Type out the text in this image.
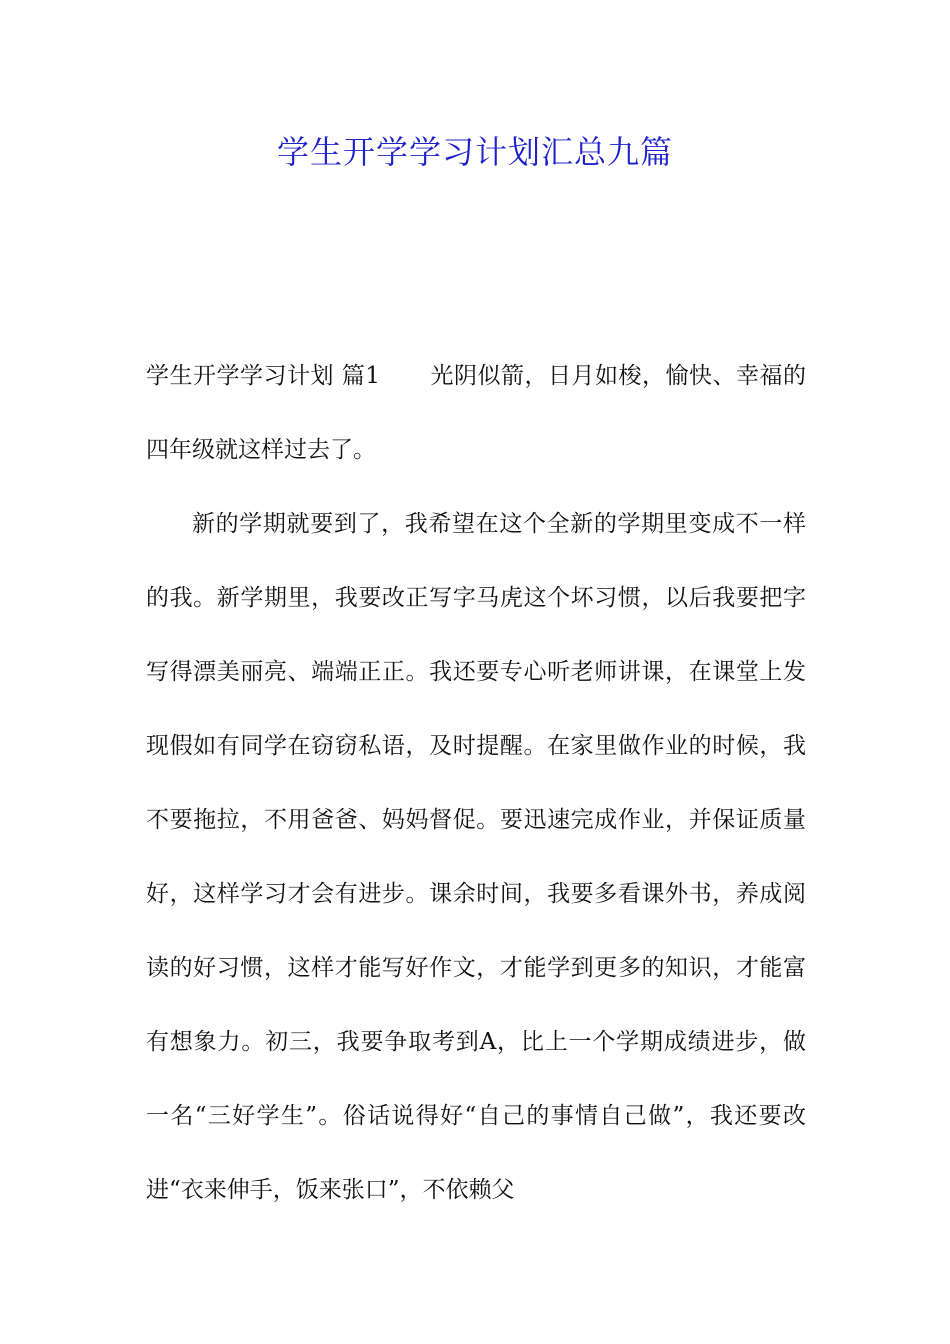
学生开学学习计划汇总九篇

学生开学学习计划 篇1 光阴似箭，日月如梭，愉快、幸福的四年级就这样过去了。

新的学期就要到了，我希望在这个全新的学期里变成不一样的我。新学期里，我要改正写字马虎这个坏习惯，以后我要把字写得漂美丽亮、端端正正。我还要专心听老师讲课，在课堂上发现假如有同学在窃窃私语，及时提醒。在家里做作业的时候，我不要拖拉，不用爸爸、妈妈督促。要迅速完成作业，并保证质量好，这样学习才会有进步。课余时间，我要多看课外书，养成阅读的好习惯，这样才能写好作文，才能学到更多的知识，才能富有想象力。初三，我要争取考到A，比上一个学期成绩进步，做一名“三好学生”。俗话说得好“自己的事情自己做”，我还要改进“衣来伸手，饭来张口”，不依赖父
